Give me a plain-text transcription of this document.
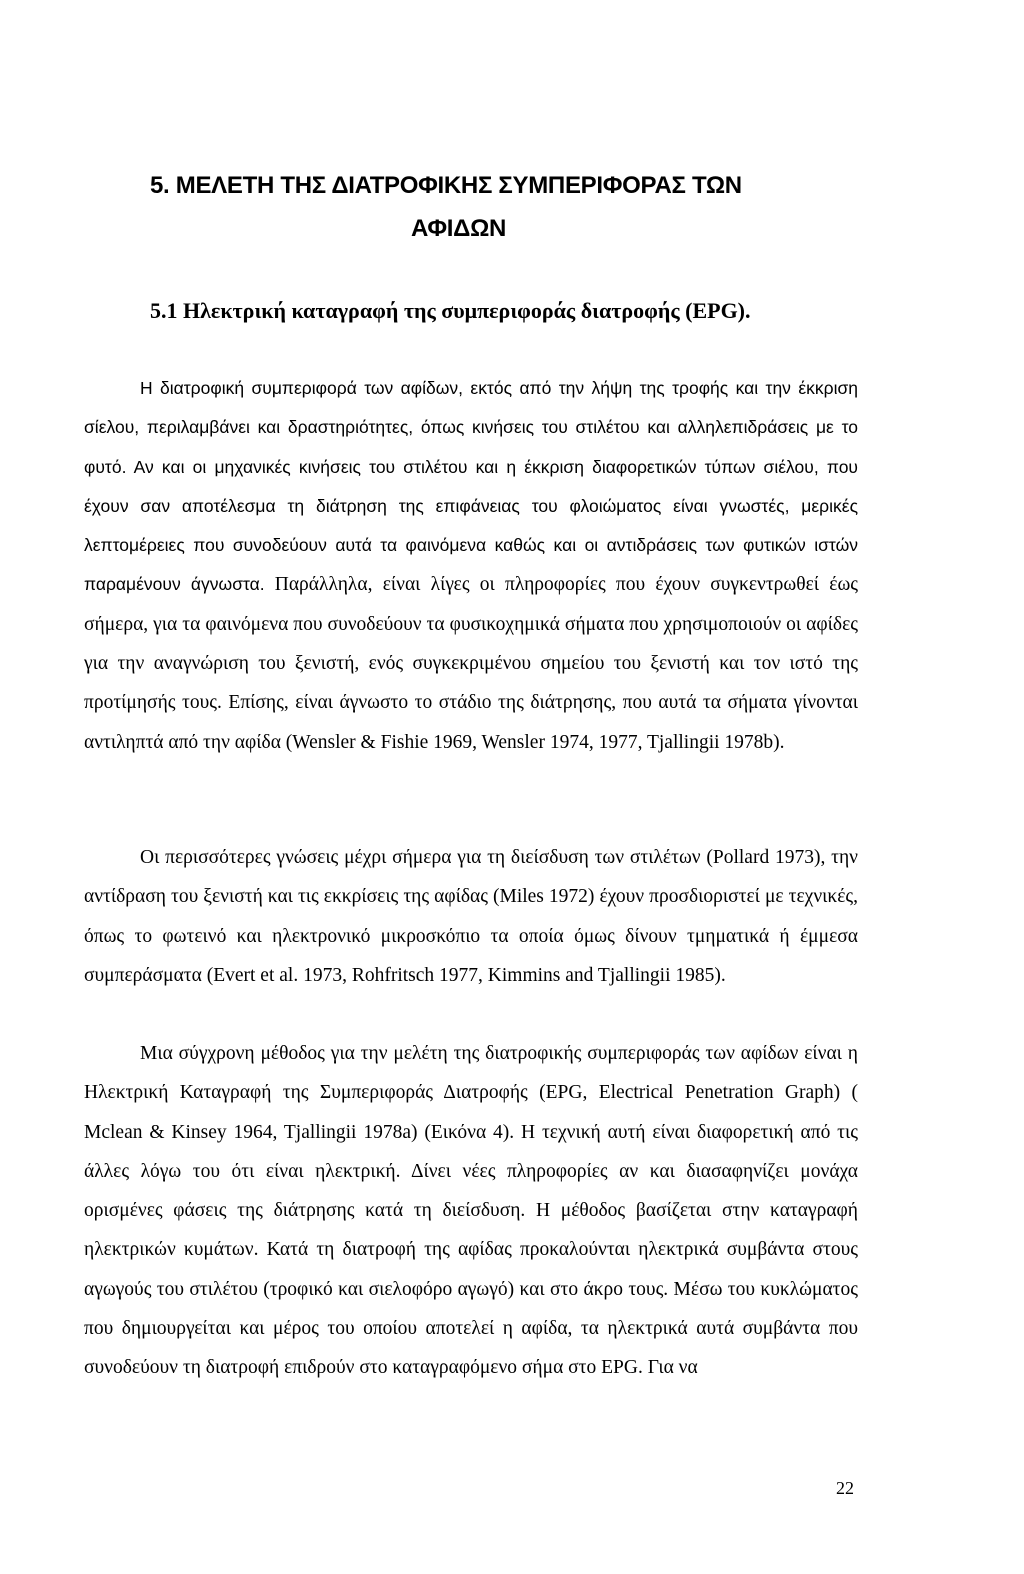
5. ΜΕΛΕΤΗ ΤΗΣ ΔΙΑΤΡΟΦΙΚΗΣ ΣΥΜΠΕΡΙΦΟΡΑΣ ΤΩΝ
ΑΦΙΔΩΝ
5.1 Ηλεκτρική καταγραφή της συμπεριφοράς διατροφής (EPG).
Η διατροφική συμπεριφορά των αφίδων, εκτός από την λήψη της τροφής και την έκκριση σίελου, περιλαμβάνει και δραστηριότητες, όπως κινήσεις του στιλέτου και αλληλεπιδράσεις με το φυτό. Αν και οι μηχανικές κινήσεις του στιλέτου και η έκκριση διαφορετικών τύπων σιέλου, που έχουν σαν αποτέλεσμα τη διάτρηση της επιφάνειας του φλοιώματος είναι γνωστές, μερικές λεπτομέρειες που συνοδεύουν αυτά τα φαινόμενα καθώς και οι αντιδράσεις των φυτικών ιστών παραμένουν άγνωστα. Παράλληλα, είναι λίγες οι πληροφορίες που έχουν συγκεντρωθεί έως σήμερα, για τα φαινόμενα που συνοδεύουν τα φυσικοχημικά σήματα που χρησιμοποιούν οι αφίδες για την αναγνώριση του ξενιστή, ενός συγκεκριμένου σημείου του ξενιστή και τον ιστό της προτίμησής τους. Επίσης, είναι άγνωστο το στάδιο της διάτρησης, που αυτά τα σήματα γίνονται αντιληπτά από την αφίδα (Wensler & Fishie 1969, Wensler 1974, 1977, Tjallingii 1978b).
Οι περισσότερες γνώσεις μέχρι σήμερα για τη διείσδυση των στιλέτων (Pollard 1973), την αντίδραση του ξενιστή και τις εκκρίσεις της αφίδας (Miles 1972) έχουν προσδιοριστεί με τεχνικές, όπως το φωτεινό και ηλεκτρονικό μικροσκόπιο τα οποία όμως δίνουν τμηματικά ή έμμεσα συμπεράσματα (Evert et al. 1973, Rohfritsch 1977, Kimmins and Tjallingii 1985).
Μια σύγχρονη μέθοδος για την μελέτη της διατροφικής συμπεριφοράς των αφίδων είναι η Ηλεκτρική Καταγραφή της Συμπεριφοράς Διατροφής (EPG, Electrical Penetration Graph) ( Mclean & Kinsey 1964, Tjallingii 1978a) (Εικόνα 4). Η τεχνική αυτή είναι διαφορετική από τις άλλες λόγω του ότι είναι ηλεκτρική. Δίνει νέες πληροφορίες αν και διασαφηνίζει μονάχα ορισμένες φάσεις της διάτρησης κατά τη διείσδυση. Η μέθοδος βασίζεται στην καταγραφή ηλεκτρικών κυμάτων. Κατά τη διατροφή της αφίδας προκαλούνται ηλεκτρικά συμβάντα στους αγωγούς του στιλέτου (τροφικό και σιελοφόρο αγωγό) και στο άκρο τους. Μέσω του κυκλώματος που δημιουργείται και μέρος του οποίου αποτελεί η αφίδα, τα ηλεκτρικά αυτά συμβάντα που συνοδεύουν τη διατροφή επιδρούν στο καταγραφόμενο σήμα στο EPG. Για να
22
